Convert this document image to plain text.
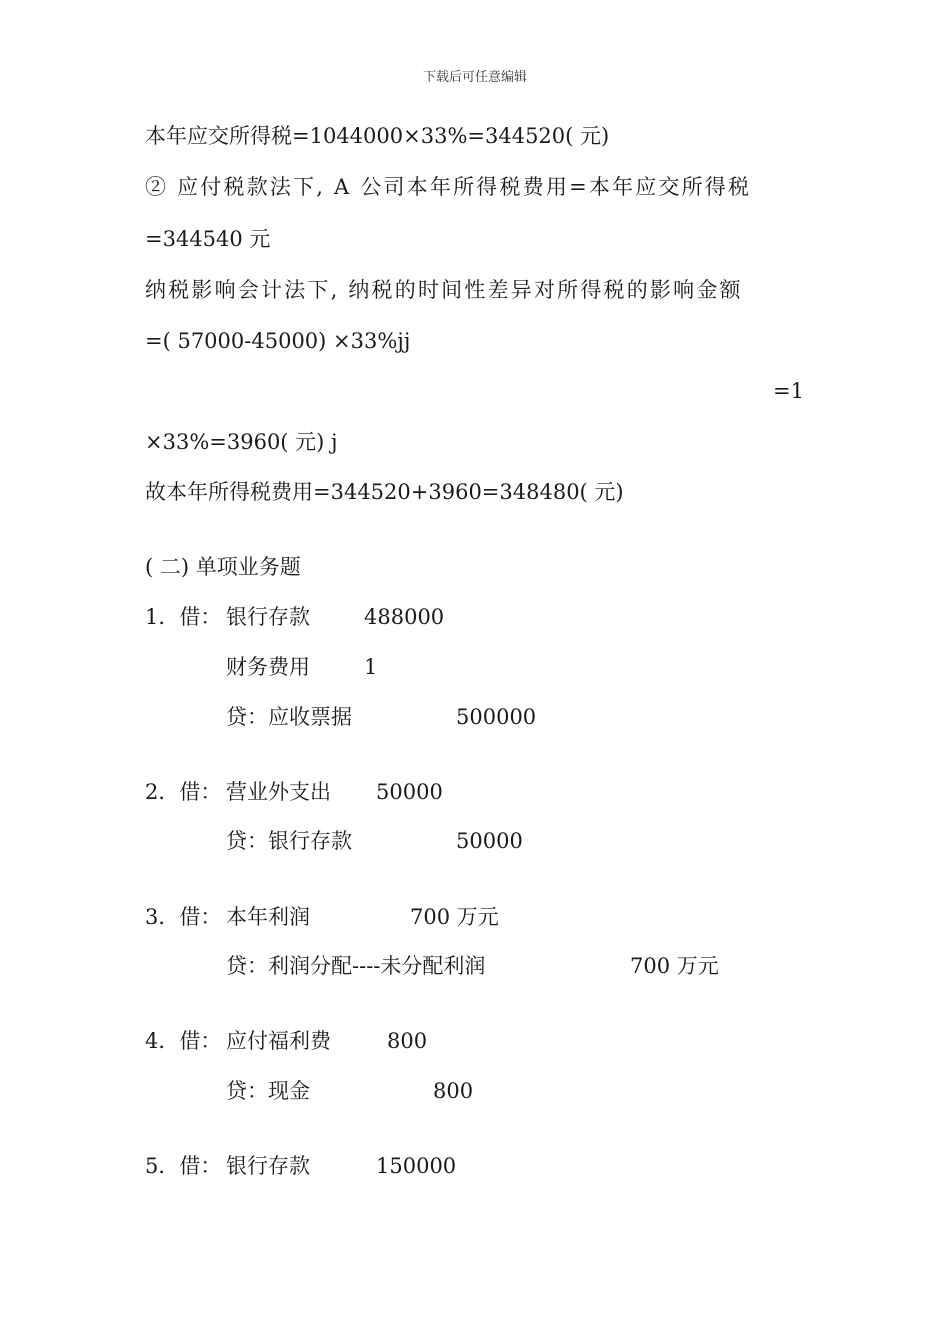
下载后可任意编辑
本年应交所得税=1044000×33%=344520( 元)
② 应付税款法下, A 公司本年所得税费用=本年应交所得税
=344540 元
纳税影响会计法下, 纳税的时间性差异对所得税的影响金额
=( 57000-45000) ×33%jj
=1
×33%=3960( 元) j
故本年所得税费用=344520+3960=348480( 元)
( 二) 单项业务题
1．借： 银行存款	488000
财务费用	1
贷：应收票据	500000
2．借： 营业外支出 50000
贷：银行存款	50000
3．借： 本年利润	700 万元
贷：利润分配----未分配利润	700 万元
4．借： 应付福利费	800
贷：现金	800
5．借： 银行存款	150000
